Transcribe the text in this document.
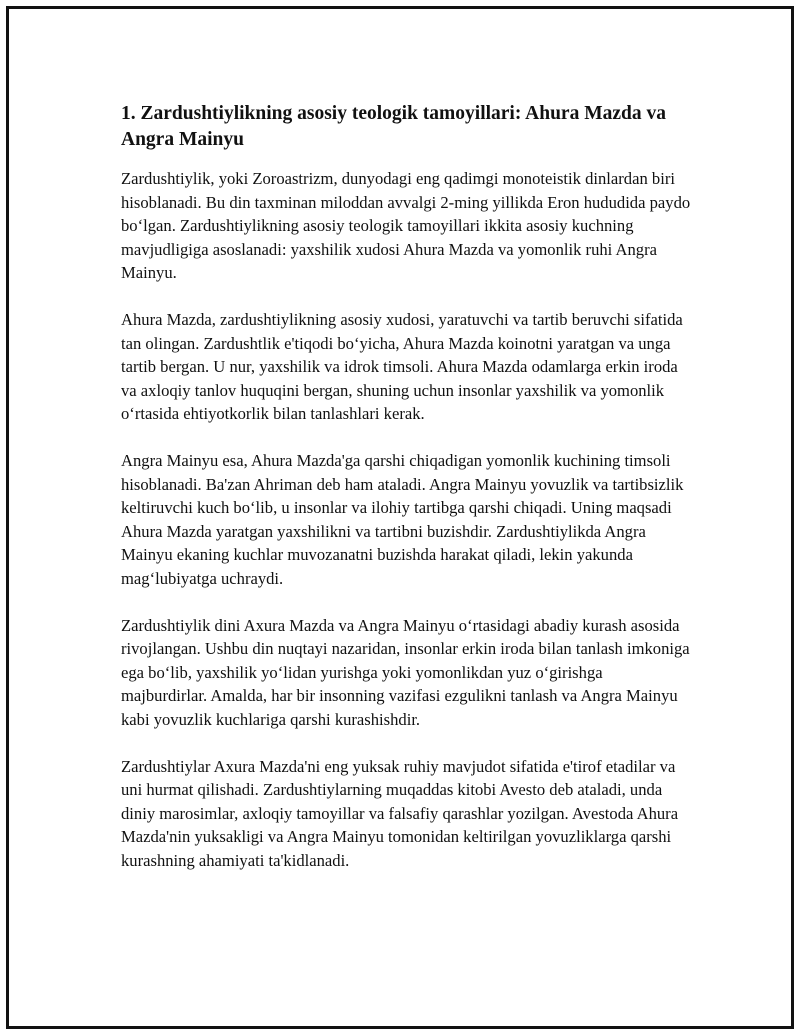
1. Zardushtiylikning asosiy teologik tamoyillari: Ahura Mazda va Angra Mainyu

Zardushtiylik, yoki Zoroastrizm, dunyodagi eng qadimgi monoteistik dinlardan biri hisoblanadi. Bu din taxminan miloddan avvalgi 2-ming yillikda Eron hududida paydo bo‘lgan. Zardushtiylikning asosiy teologik tamoyillari ikkita asosiy kuchning mavjudligiga asoslanadi: yaxshilik xudosi Ahura Mazda va yomonlik ruhi Angra Mainyu.

Ahura Mazda, zardushtiylikning asosiy xudosi, yaratuvchi va tartib beruvchi sifatida tan olingan. Zardushtlik e'tiqodi bo‘yicha, Ahura Mazda koinotni yaratgan va unga tartib bergan. U nur, yaxshilik va idrok timsoli. Ahura Mazda odamlarga erkin iroda va axloqiy tanlov huquqini bergan, shuning uchun insonlar yaxshilik va yomonlik o‘rtasida ehtiyotkorlik bilan tanlashlari kerak.

Angra Mainyu esa, Ahura Mazda'ga qarshi chiqadigan yomonlik kuchining timsoli hisoblanadi. Ba'zan Ahriman deb ham ataladi. Angra Mainyu yovuzlik va tartibsizlik keltiruvchi kuch bo‘lib, u insonlar va ilohiy tartibga qarshi chiqadi. Uning maqsadi Ahura Mazda yaratgan yaxshilikni va tartibni buzishdir. Zardushtiylikda Angra Mainyu ekaning kuchlar muvozanatni buzishda harakat qiladi, lekin yakunda mag‘lubiyatga uchraydi.

Zardushtiylik dini Axura Mazda va Angra Mainyu o‘rtasidagi abadiy kurash asosida rivojlangan. Ushbu din nuqtayi nazaridan, insonlar erkin iroda bilan tanlash imkoniga ega bo‘lib, yaxshilik yo‘lidan yurishga yoki yomonlikdan yuz o‘girishga majburdirlar. Amalda, har bir insonning vazifasi ezgulikni tanlash va Angra Mainyu kabi yovuzlik kuchlariga qarshi kurashishdir.

Zardushtiylar Axura Mazda'ni eng yuksak ruhiy mavjudot sifatida e'tirof etadilar va uni hurmat qilishadi. Zardushtiylarning muqaddas kitobi Avesto deb ataladi, unda diniy marosimlar, axloqiy tamoyillar va falsafiy qarashlar yozilgan. Avestoda Ahura Mazda'nin yuksakligi va Angra Mainyu tomonidan keltirilgan yovuzliklarga qarshi kurashning ahamiyati ta'kidlanadi.
